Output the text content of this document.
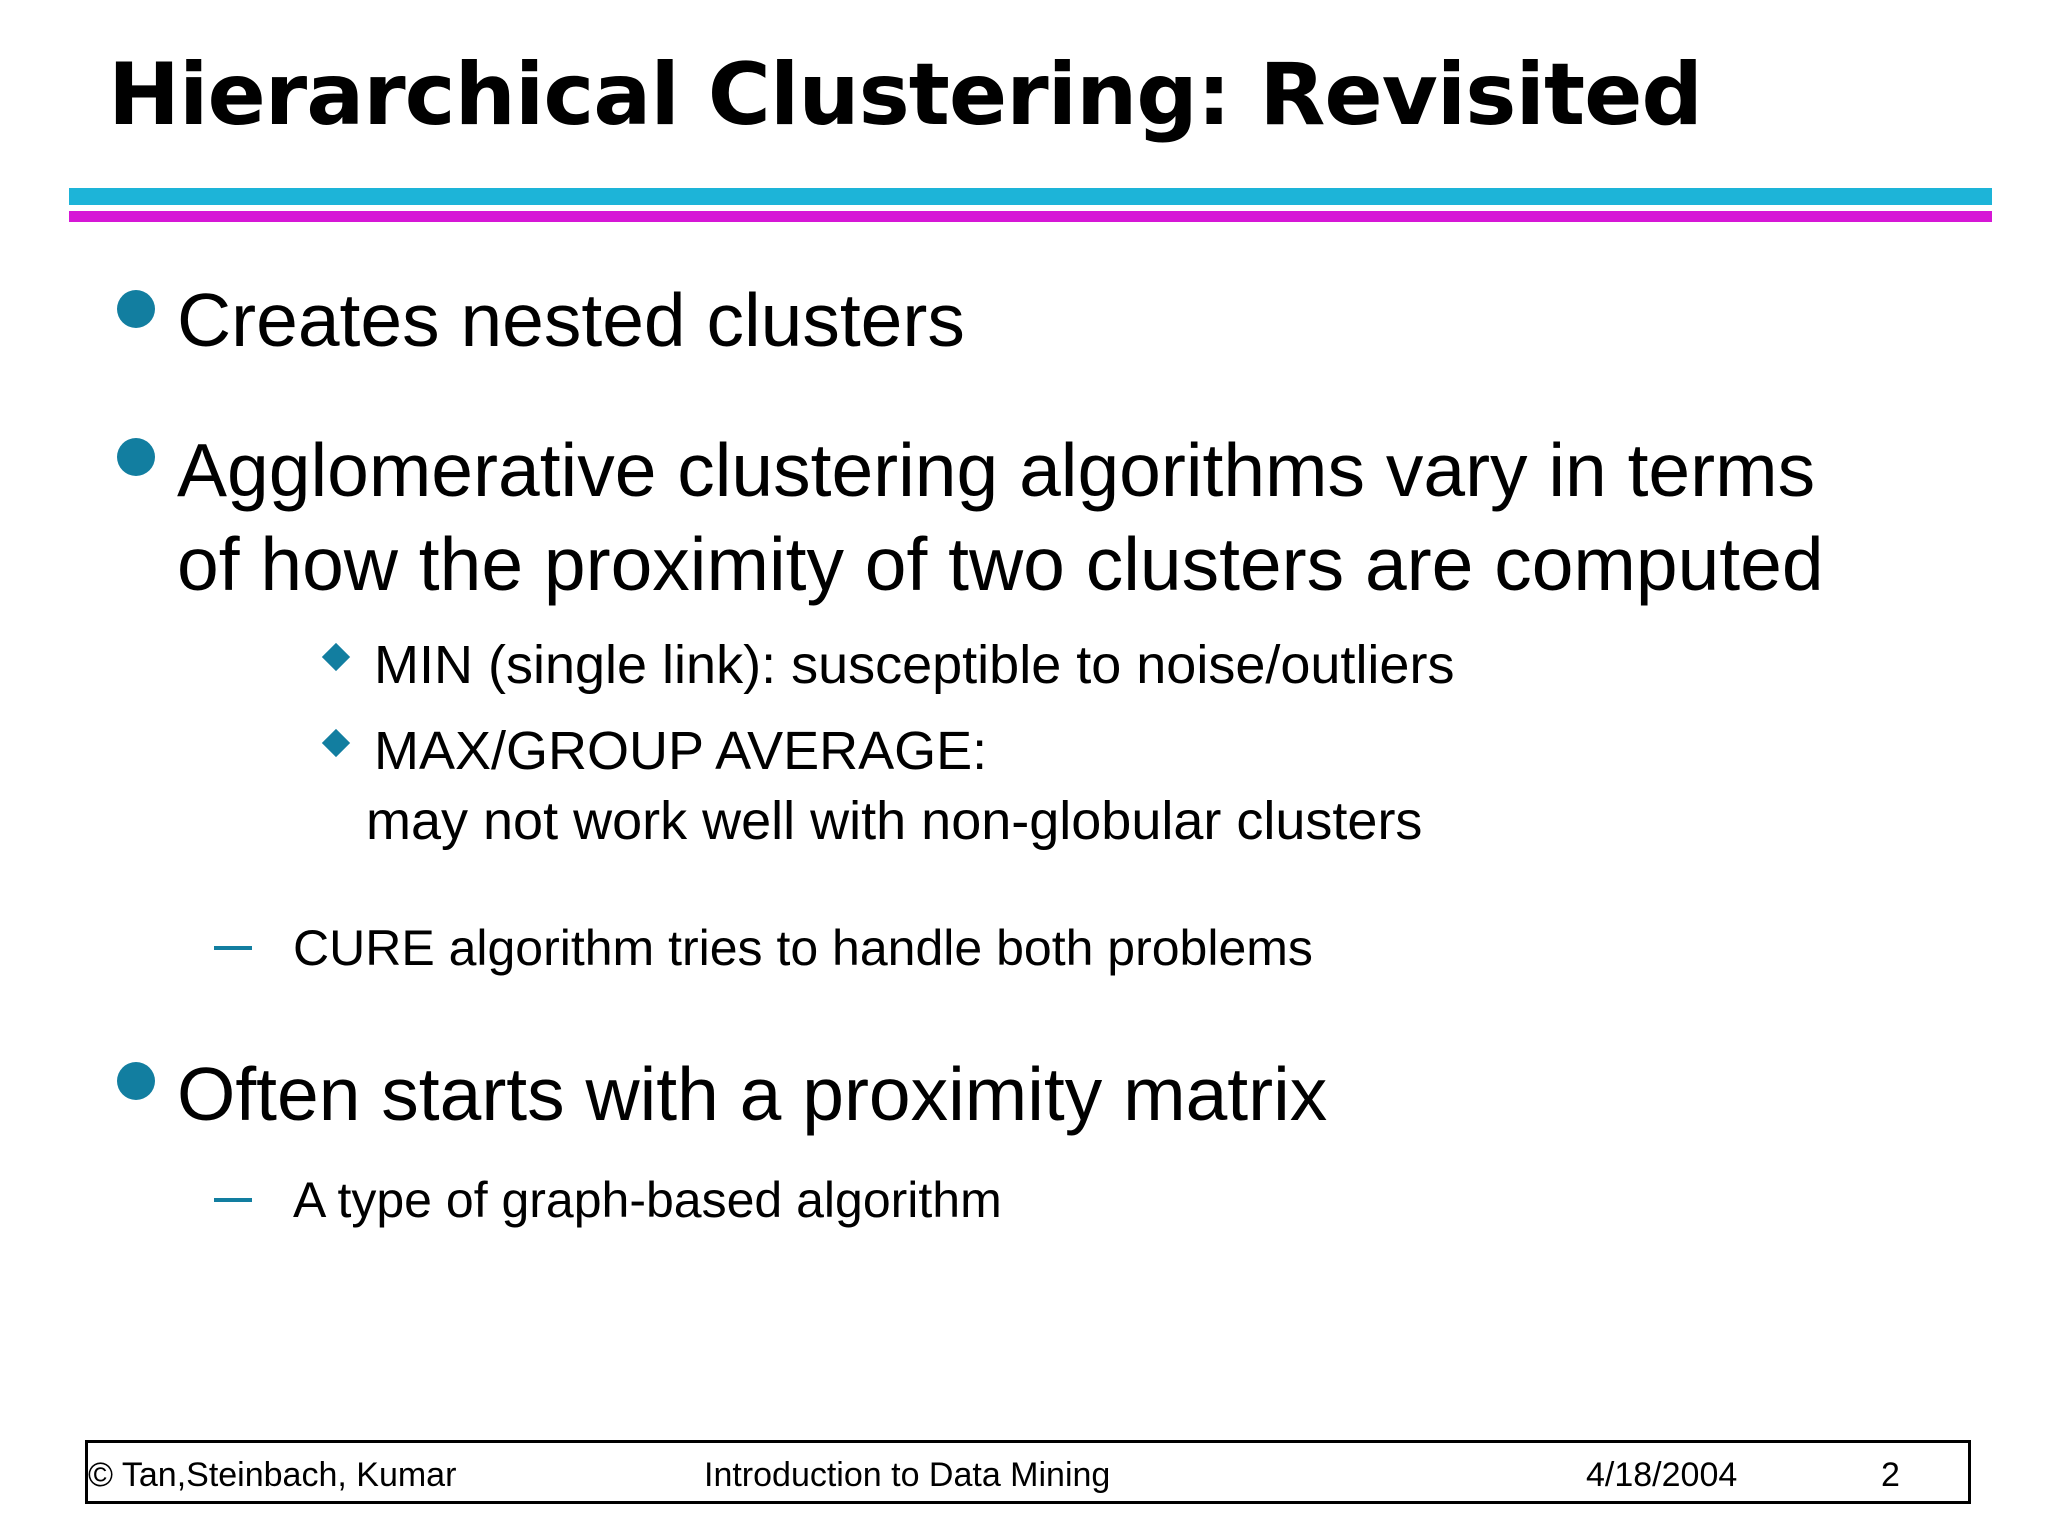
Hierarchical Clustering: Revisited
Creates nested clusters
Agglomerative clustering algorithms vary in terms
of how the proximity of two clusters are computed
MIN (single link): susceptible to noise/outliers
MAX/GROUP AVERAGE:
may not work well with non-globular clusters
CURE algorithm tries to handle both problems
Often starts with a proximity matrix
A type of graph-based algorithm
© Tan,Steinbach, Kumar	Introduction to Data Mining	4/18/2004	2
